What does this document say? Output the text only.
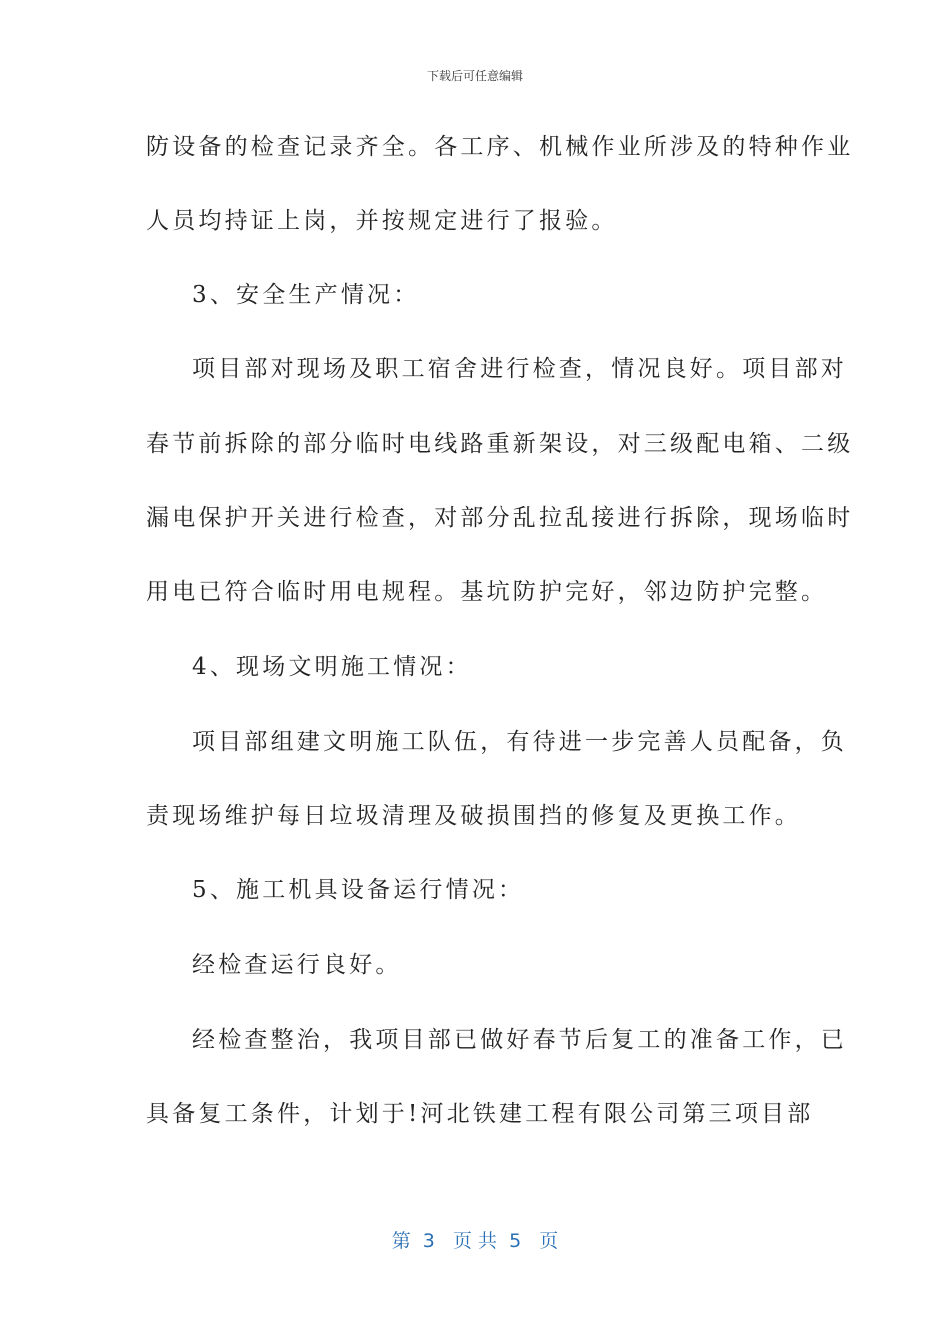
下载后可任意编辑
防设备的检查记录齐全。各工序、机械作业所涉及的特种作业
人员均持证上岗，并按规定进行了报验。
3、安全生产情况：
项目部对现场及职工宿舍进行检查，情况良好。项目部对
春节前拆除的部分临时电线路重新架设，对三级配电箱、二级
漏电保护开关进行检查，对部分乱拉乱接进行拆除，现场临时
用电已符合临时用电规程。基坑防护完好，邻边防护完整。
4、现场文明施工情况：
项目部组建文明施工队伍，有待进一步完善人员配备，负
责现场维护每日垃圾清理及破损围挡的修复及更换工作。
5、施工机具设备运行情况：
经检查运行良好。
经检查整治，我项目部已做好春节后复工的准备工作，已
具备复工条件，计划于!河北铁建工程有限公司第三项目部
第  3   页 共  5   页
